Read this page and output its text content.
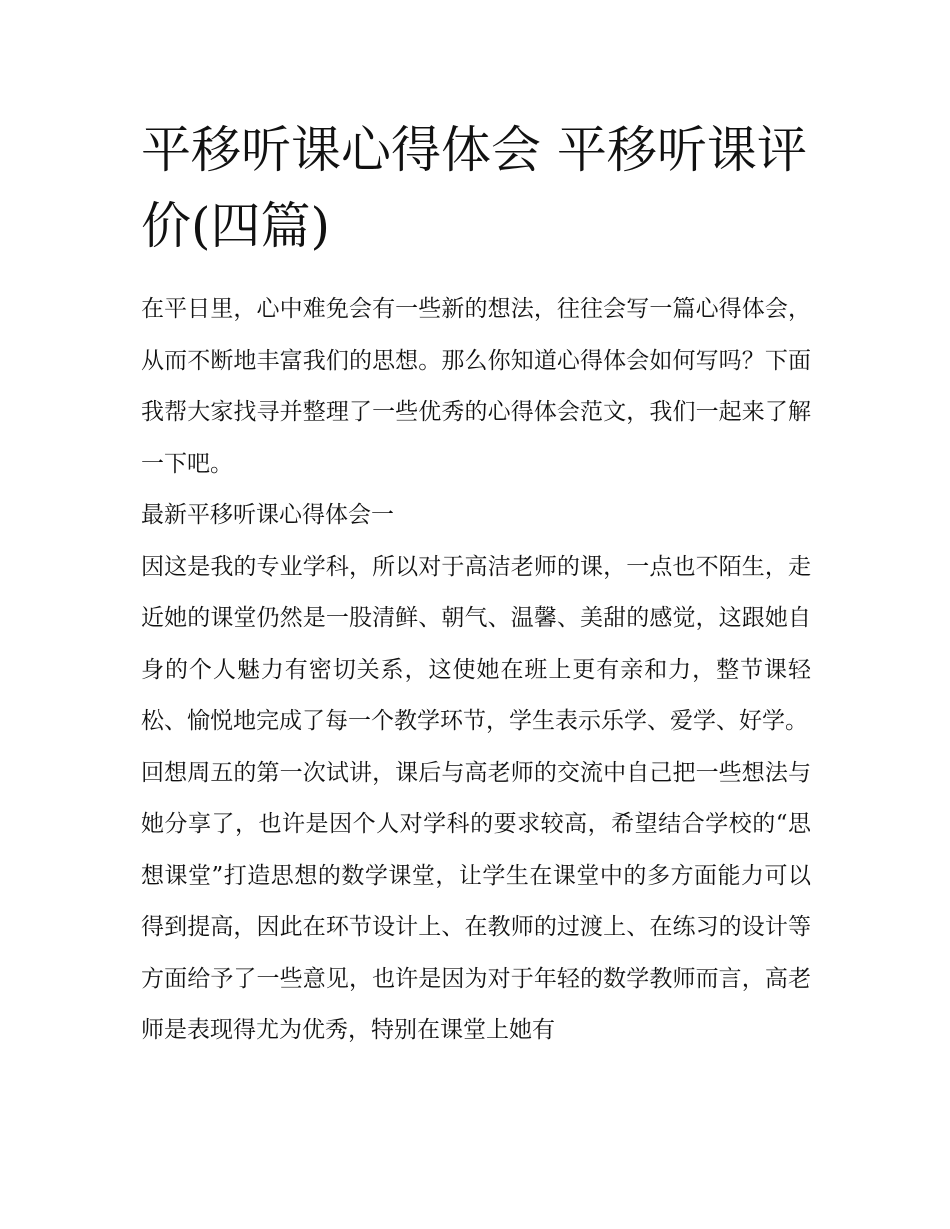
平移听课心得体会 平移听课评价(四篇)

在平日里，心中难免会有一些新的想法，往往会写一篇心得体会，从而不断地丰富我们的思想。那么你知道心得体会如何写吗？下面我帮大家找寻并整理了一些优秀的心得体会范文，我们一起来了解一下吧。

最新平移听课心得体会一

因这是我的专业学科，所以对于高洁老师的课，一点也不陌生，走近她的课堂仍然是一股清鲜、朝气、温馨、美甜的感觉，这跟她自身的个人魅力有密切关系，这使她在班上更有亲和力，整节课轻松、愉悦地完成了每一个教学环节，学生表示乐学、爱学、好学。

回想周五的第一次试讲，课后与高老师的交流中自己把一些想法与她分享了，也许是因个人对学科的要求较高，希望结合学校的“思想课堂”打造思想的数学课堂，让学生在课堂中的多方面能力可以得到提高，因此在环节设计上、在教师的过渡上、在练习的设计等方面给予了一些意见，也许是因为对于年轻的数学教师而言，高老师是表现得尤为优秀，特别在课堂上她有
